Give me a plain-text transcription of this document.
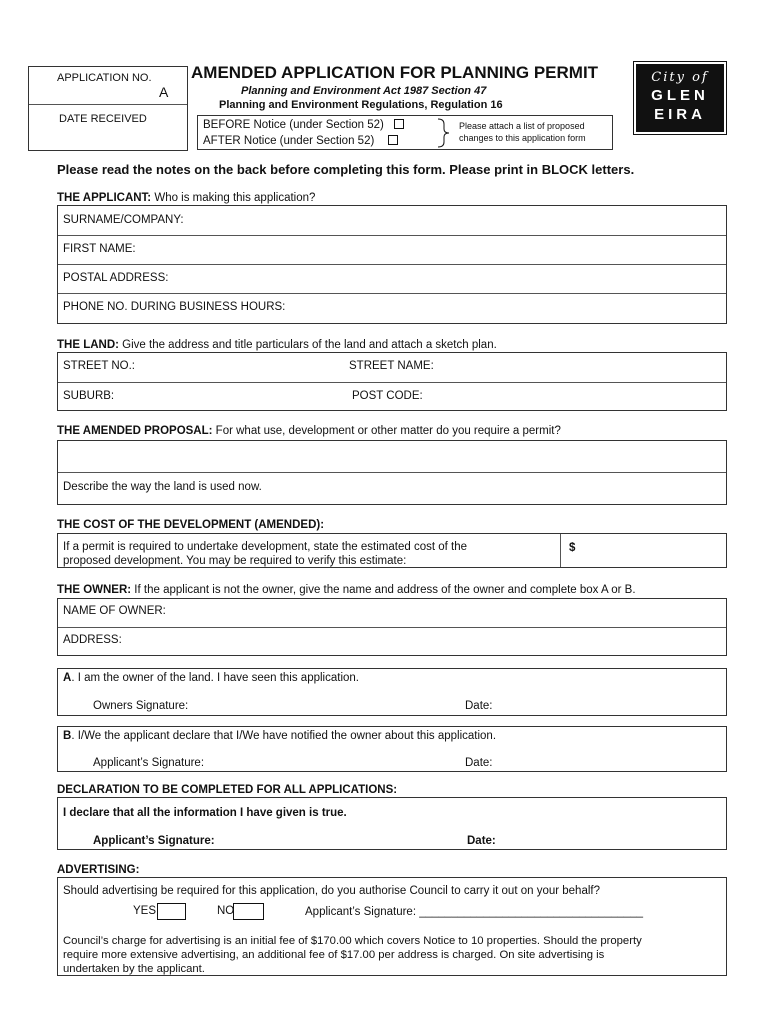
APPLICATION NO.
A
DATE RECEIVED
AMENDED APPLICATION FOR PLANNING PERMIT
Planning and Environment Act 1987 Section 47
Planning and Environment Regulations, Regulation 16
BEFORE Notice (under Section 52)
AFTER Notice (under Section 52)
Please attach a list of proposed
changes to this application form
City of
GLEN
EIRA
Please read the notes on the back before completing this form. Please print in BLOCK letters.
THE APPLICANT: Who is making this application?
SURNAME/COMPANY:
FIRST NAME:
POSTAL ADDRESS:
PHONE NO. DURING BUSINESS HOURS:
THE LAND: Give the address and title particulars of the land and attach a sketch plan.
STREET NO.:	STREET NAME:
SUBURB:	POST CODE:
THE AMENDED PROPOSAL: For what use, development or other matter do you require a permit?
Describe the way the land is used now.
THE COST OF THE DEVELOPMENT (AMENDED):
If a permit is required to undertake development, state the estimated cost of the
proposed development. You may be required to verify this estimate:
$
THE OWNER: If the applicant is not the owner, give the name and address of the owner and complete box A or B.
NAME OF OWNER:
ADDRESS:
A. I am the owner of the land. I have seen this application.
Owners Signature:	Date:
B. I/We the applicant declare that I/We have notified the owner about this application.
Applicant’s Signature:	Date:
DECLARATION TO BE COMPLETED FOR ALL APPLICATIONS:
I declare that all the information I have given is true.
Applicant’s Signature:	Date:
ADVERTISING:
Should advertising be required for this application, do you authorise Council to carry it out on your behalf?
YES	NO	Applicant’s Signature: ___________________________________
Council’s charge for advertising is an initial fee of $170.00 which covers Notice to 10 properties. Should the property
require more extensive advertising, an additional fee of $17.00 per address is charged. On site advertising is
undertaken by the applicant.
